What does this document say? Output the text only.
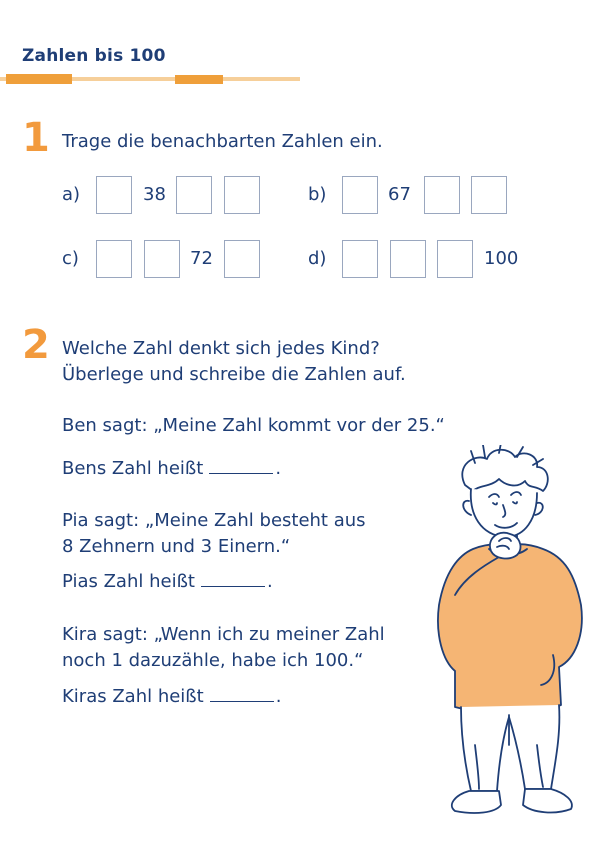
Zahlen bis 100
1 Trage die benachbarten Zahlen ein.
a)	38	b)	67
c)	72	d)	100
2 Welche Zahl denkt sich jedes Kind?
Überlege und schreibe die Zahlen auf.
Ben sagt: „Meine Zahl kommt vor der 25.“
Bens Zahl heißt	.
Pia sagt: „Meine Zahl besteht aus
8 Zehnern und 3 Einern.“
Pias Zahl heißt	.
Kira sagt: „Wenn ich zu meiner Zahl
noch 1 dazuzähle, habe ich 100.“
Kiras Zahl heißt	.
